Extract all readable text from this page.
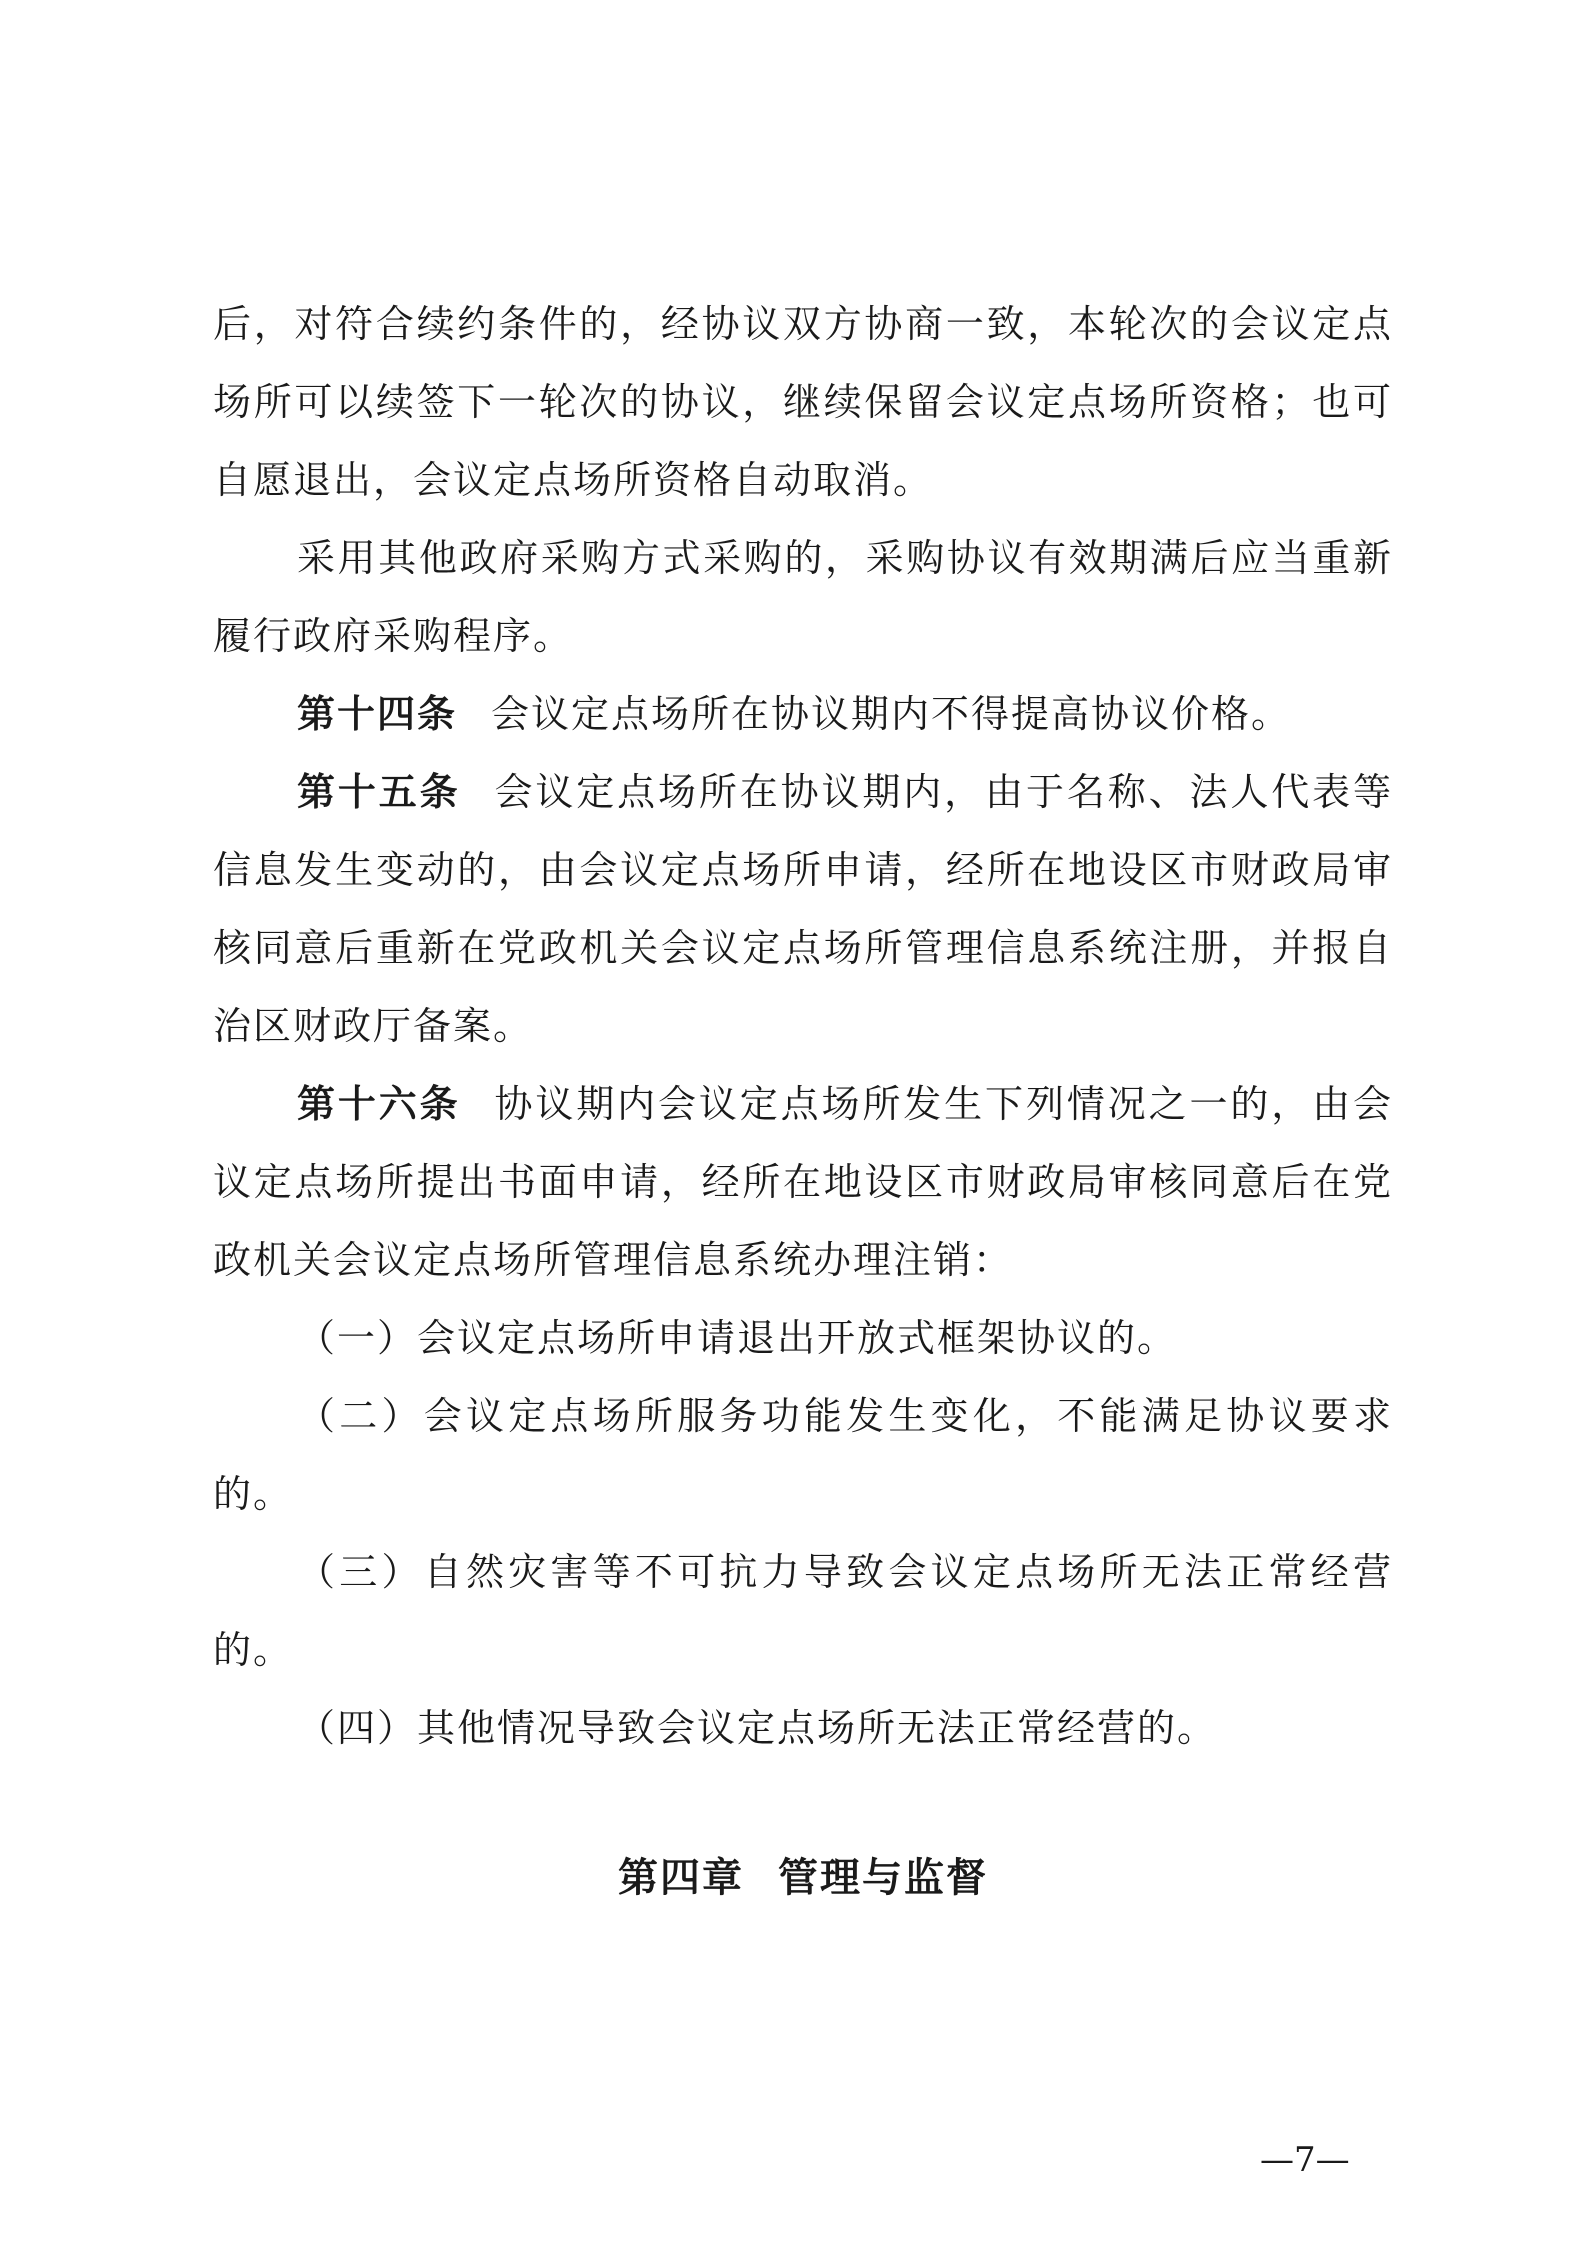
后，对符合续约条件的，经协议双方协商一致，本轮次的会议定点场所可以续签下一轮次的协议，继续保留会议定点场所资格；也可自愿退出，会议定点场所资格自动取消。

采用其他政府采购方式采购的，采购协议有效期满后应当重新履行政府采购程序。

第十四条 会议定点场所在协议期内不得提高协议价格。

第十五条 会议定点场所在协议期内，由于名称、法人代表等信息发生变动的，由会议定点场所申请，经所在地设区市财政局审核同意后重新在党政机关会议定点场所管理信息系统注册，并报自治区财政厅备案。

第十六条 协议期内会议定点场所发生下列情况之一的，由会议定点场所提出书面申请，经所在地设区市财政局审核同意后在党政机关会议定点场所管理信息系统办理注销：

（一）会议定点场所申请退出开放式框架协议的。

（二）会议定点场所服务功能发生变化，不能满足协议要求的。

（三）自然灾害等不可抗力导致会议定点场所无法正常经营的。

（四）其他情况导致会议定点场所无法正常经营的。

第四章 管理与监督
—7—
